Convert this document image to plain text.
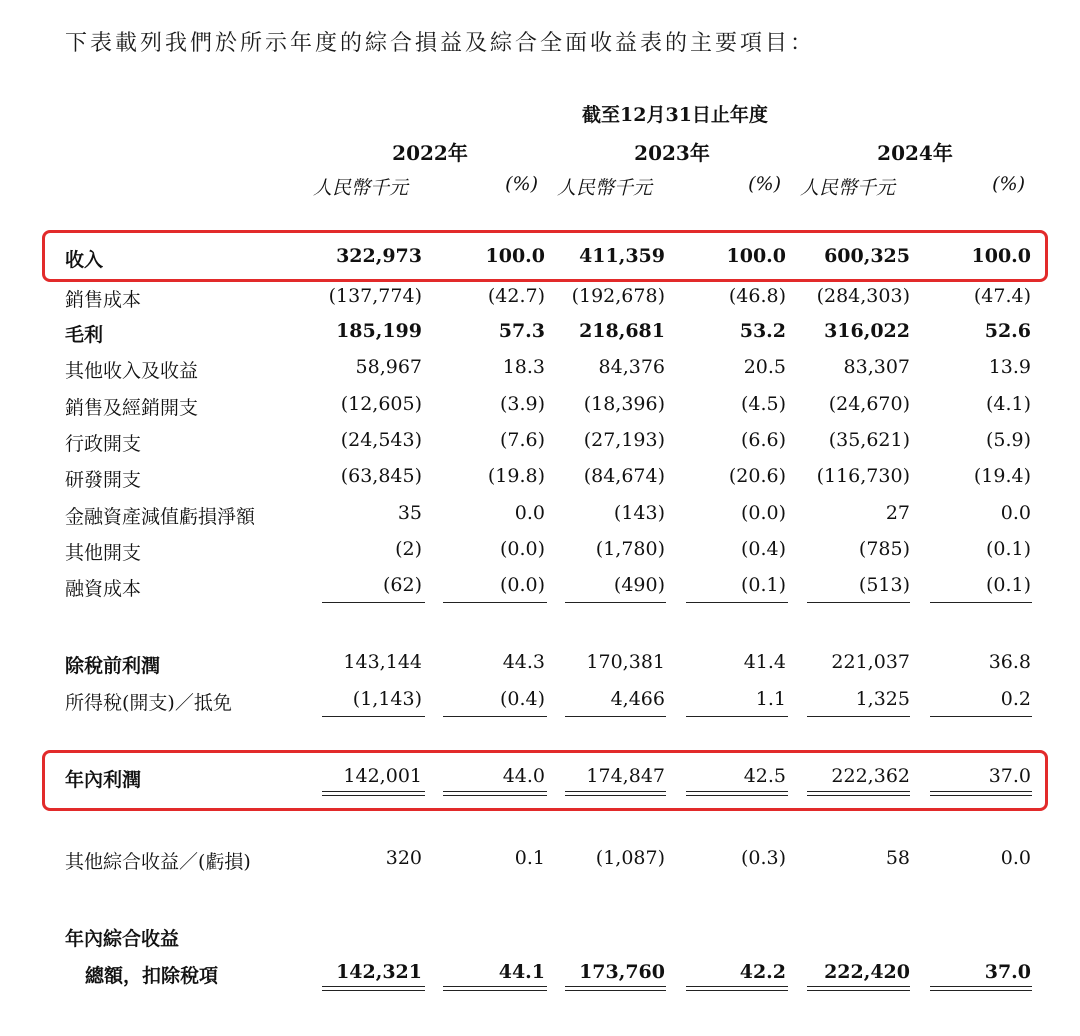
下表載列我們於所示年度的綜合損益及綜合全面收益表的主要項目：
截至12月31日止年度
2022年	2023年	2024年
人民幣千元	(%) 人民幣千元	(%) 人民幣千元	(%)
收入	322,973	100.0 411,359	100.0 600,325	100.0
銷售成本	(137,774)	(42.7) (192,678)	(46.8) (284,303)	(47.4)
毛利	185,199	57.3 218,681	53.2 316,022	52.6
其他收入及收益	58,967	18.3	84,376	20.5	83,307	13.9
銷售及經銷開支	(12,605)	(3.9) (18,396)	(4.5) (24,670)	(4.1)
行政開支	(24,543)	(7.6) (27,193)	(6.6) (35,621)	(5.9)
研發開支	(63,845)	(19.8) (84,674)	(20.6) (116,730)	(19.4)
金融資產減值虧損淨額	35	0.0	(143)	(0.0)	27	0.0
其他開支	(2)	(0.0)	(1,780)	(0.4)	(785)	(0.1)
融資成本	(62)	(0.0)	(490)	(0.1)	(513)	(0.1)
除稅前利潤	143,144	44.3 170,381	41.4 221,037	36.8
所得稅(開支)／抵免	(1,143)	(0.4)	4,466	1.1	1,325	0.2
年內利潤	142,001	44.0 174,847	42.5 222,362	37.0
其他綜合收益／(虧損)	320	0.1	(1,087)	(0.3)	58	0.0
年內綜合收益
總額，扣除稅項	142,321	44.1 173,760	42.2 222,420	37.0
